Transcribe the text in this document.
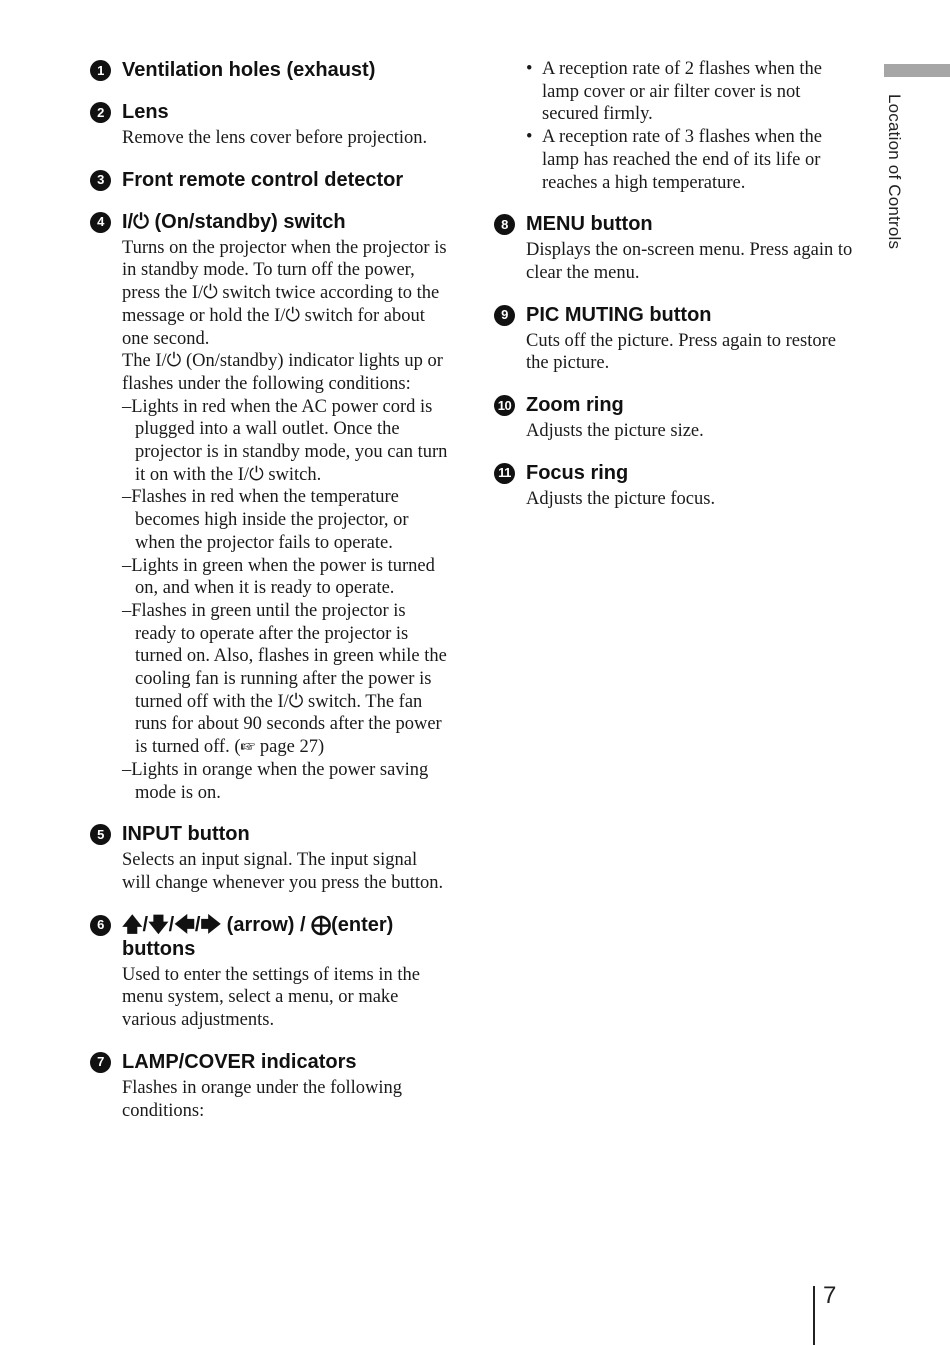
Location of Controls
1 Ventilation holes (exhaust)
2 Lens

Remove the lens cover before projection.

3 Front remote control detector
4 I/⏻ (On/standby) switch

Turns on the projector when the projector is in standby mode. To turn off the power, press the I/⏻ switch twice according to the message or hold the I/⏻ switch for about one second.

The I/⏻ (On/standby) indicator lights up or flashes under the following conditions:

–Lights in red when the AC power cord is plugged into a wall outlet. Once the projector is in standby mode, you can turn it on with the I/⏻ switch.
–Flashes in red when the temperature becomes high inside the projector, or when the projector fails to operate.
–Lights in green when the power is turned on, and when it is ready to operate.
–Flashes in green until the projector is ready to operate after the projector is turned on. Also, flashes in green while the cooling fan is running after the power is turned off with the I/⏻ switch. The fan runs for about 90 seconds after the power is turned off. (☞ page 27)
–Lights in orange when the power saving mode is on.
5 INPUT button

Selects an input signal. The input signal will change whenever you press the button.

6 🡅/🡇/🡄/🡆 (arrow) / ⨁(enter) buttons

Used to enter the settings of items in the menu system, select a menu, or make various adjustments.

7 LAMP/COVER indicators

Flashes in orange under the following conditions:

• A reception rate of 2 flashes when the lamp cover or air filter cover is not secured firmly.
• A reception rate of 3 flashes when the lamp has reached the end of its life or reaches a high temperature.
8 MENU button

Displays the on-screen menu. Press again to clear the menu.

9 PIC MUTING button

Cuts off the picture. Press again to restore the picture.

10 Zoom ring

Adjusts the picture size.

11 Focus ring

Adjusts the picture focus.

7
